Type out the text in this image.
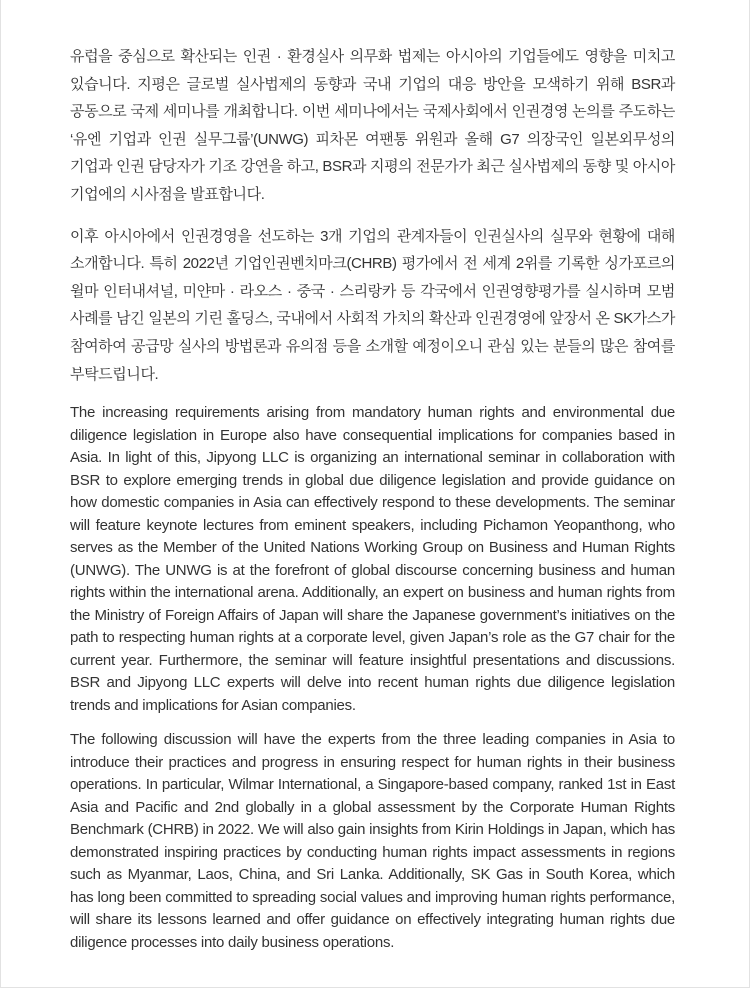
유럽을 중심으로 확산되는 인권 · 환경실사 의무화 법제는 아시아의 기업들에도 영향을 미치고 있습니다. 지평은 글로벌 실사법제의 동향과 국내 기업의 대응 방안을 모색하기 위해 BSR과 공동으로 국제 세미나를 개최합니다. 이번 세미나에서는 국제사회에서 인권경영 논의를 주도하는 ‘유엔 기업과 인권 실무그룹’(UNWG) 피차몬 여팬통 위원과 올해 G7 의장국인 일본외무성의 기업과 인권 담당자가 기조 강연을 하고, BSR과 지평의 전문가가 최근 실사법제의 동향 및 아시아 기업에의 시사점을 발표합니다.

이후 아시아에서 인권경영을 선도하는 3개 기업의 관계자들이 인권실사의 실무와 현황에 대해 소개합니다. 특히 2022년 기업인권벤치마크(CHRB) 평가에서 전 세계 2위를 기록한 싱가포르의 윌마 인터내셔널, 미얀마 · 라오스 · 중국 · 스리랑카 등 각국에서 인권영향평가를 실시하며 모범 사례를 남긴 일본의 기린 홀딩스, 국내에서 사회적 가치의 확산과 인권경영에 앞장서 온 SK가스가 참여하여 공급망 실사의 방법론과 유의점 등을 소개할 예정이오니 관심 있는 분들의 많은 참여를 부탁드립니다.

The increasing requirements arising from mandatory human rights and environmental due diligence legislation in Europe also have consequential implications for companies based in Asia. In light of this, Jipyong LLC is organizing an international seminar in collaboration with BSR to explore emerging trends in global due diligence legislation and provide guidance on how domestic companies in Asia can effectively respond to these developments. The seminar will feature keynote lectures from eminent speakers, including Pichamon Yeopanthong, who serves as the Member of the United Nations Working Group on Business and Human Rights (UNWG). The UNWG is at the forefront of global discourse concerning business and human rights within the international arena. Additionally, an expert on business and human rights from the Ministry of Foreign Affairs of Japan will share the Japanese government’s initiatives on the path to respecting human rights at a corporate level, given Japan’s role as the G7 chair for the current year. Furthermore, the seminar will feature insightful presentations and discussions. BSR and Jipyong LLC experts will delve into recent human rights due diligence legislation trends and implications for Asian companies.

The following discussion will have the experts from the three leading companies in Asia to introduce their practices and progress in ensuring respect for human rights in their business operations. In particular, Wilmar International, a Singapore-based company, ranked 1st in East Asia and Pacific and 2nd globally in a global assessment by the Corporate Human Rights Benchmark (CHRB) in 2022. We will also gain insights from Kirin Holdings in Japan, which has demonstrated inspiring practices by conducting human rights impact assessments in regions such as Myanmar, Laos, China, and Sri Lanka. Additionally, SK Gas in South Korea, which has long been committed to spreading social values and improving human rights performance, will share its lessons learned and offer guidance on effectively integrating human rights due diligence processes into daily business operations.
